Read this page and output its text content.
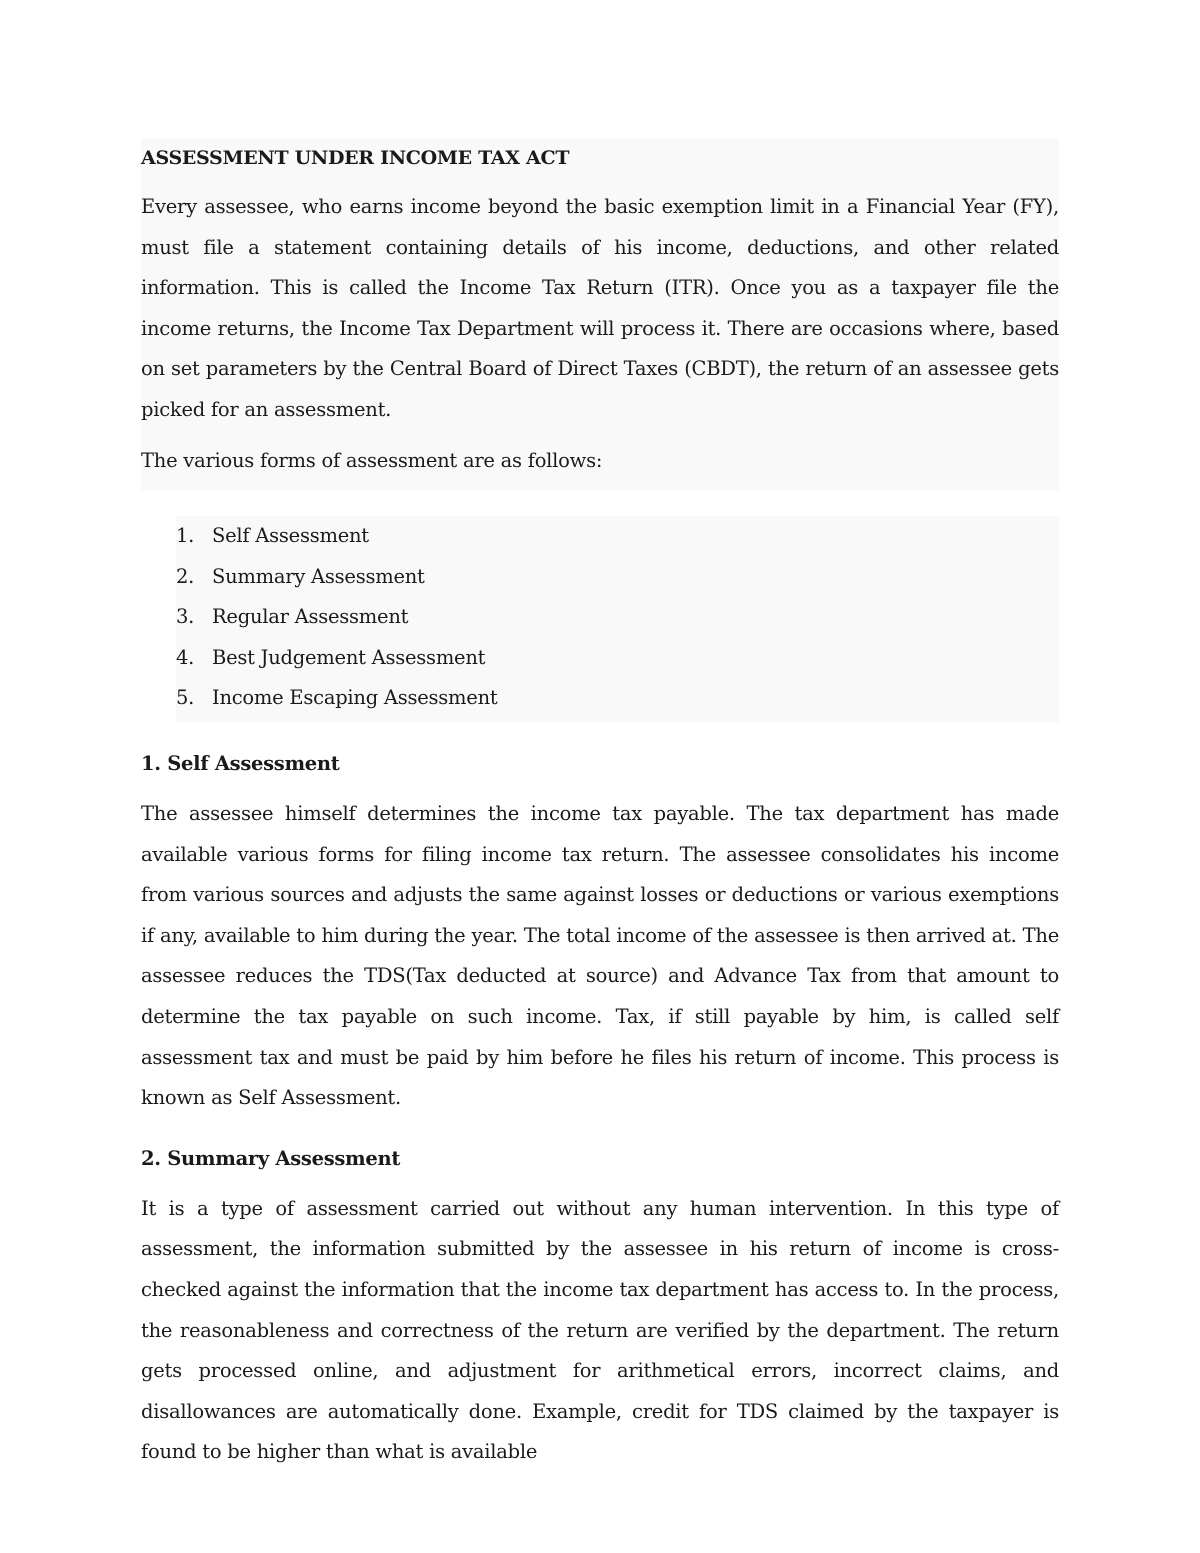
ASSESSMENT UNDER INCOME TAX ACT

Every assessee, who earns income beyond the basic exemption limit in a Financial Year (FY), must file a statement containing details of his income, deductions, and other related information. This is called the Income Tax Return (ITR). Once you as a taxpayer file the income returns, the Income Tax Department will process it. There are occasions where, based on set parameters by the Central Board of Direct Taxes (CBDT), the return of an assessee gets picked for an assessment.

The various forms of assessment are as follows:

1. Self Assessment
2. Summary Assessment
3. Regular Assessment
4. Best Judgement Assessment
5. Income Escaping Assessment
1. Self Assessment

The assessee himself determines the income tax payable. The tax department has made available various forms for filing income tax return. The assessee consolidates his income from various sources and adjusts the same against losses or deductions or various exemptions if any, available to him during the year. The total income of the assessee is then arrived at. The assessee reduces the TDS(Tax deducted at source) and Advance Tax from that amount to determine the tax payable on such income. Tax, if still payable by him, is called self assessment tax and must be paid by him before he files his return of income. This process is known as Self Assessment.

2. Summary Assessment

It is a type of assessment carried out without any human intervention. In this type of assessment, the information submitted by the assessee in his return of income is cross-checked against the information that the income tax department has access to. In the process, the reasonableness and correctness of the return are verified by the department. The return gets processed online, and adjustment for arithmetical errors, incorrect claims, and disallowances are automatically done. Example, credit for TDS claimed by the taxpayer is found to be higher than what is available
